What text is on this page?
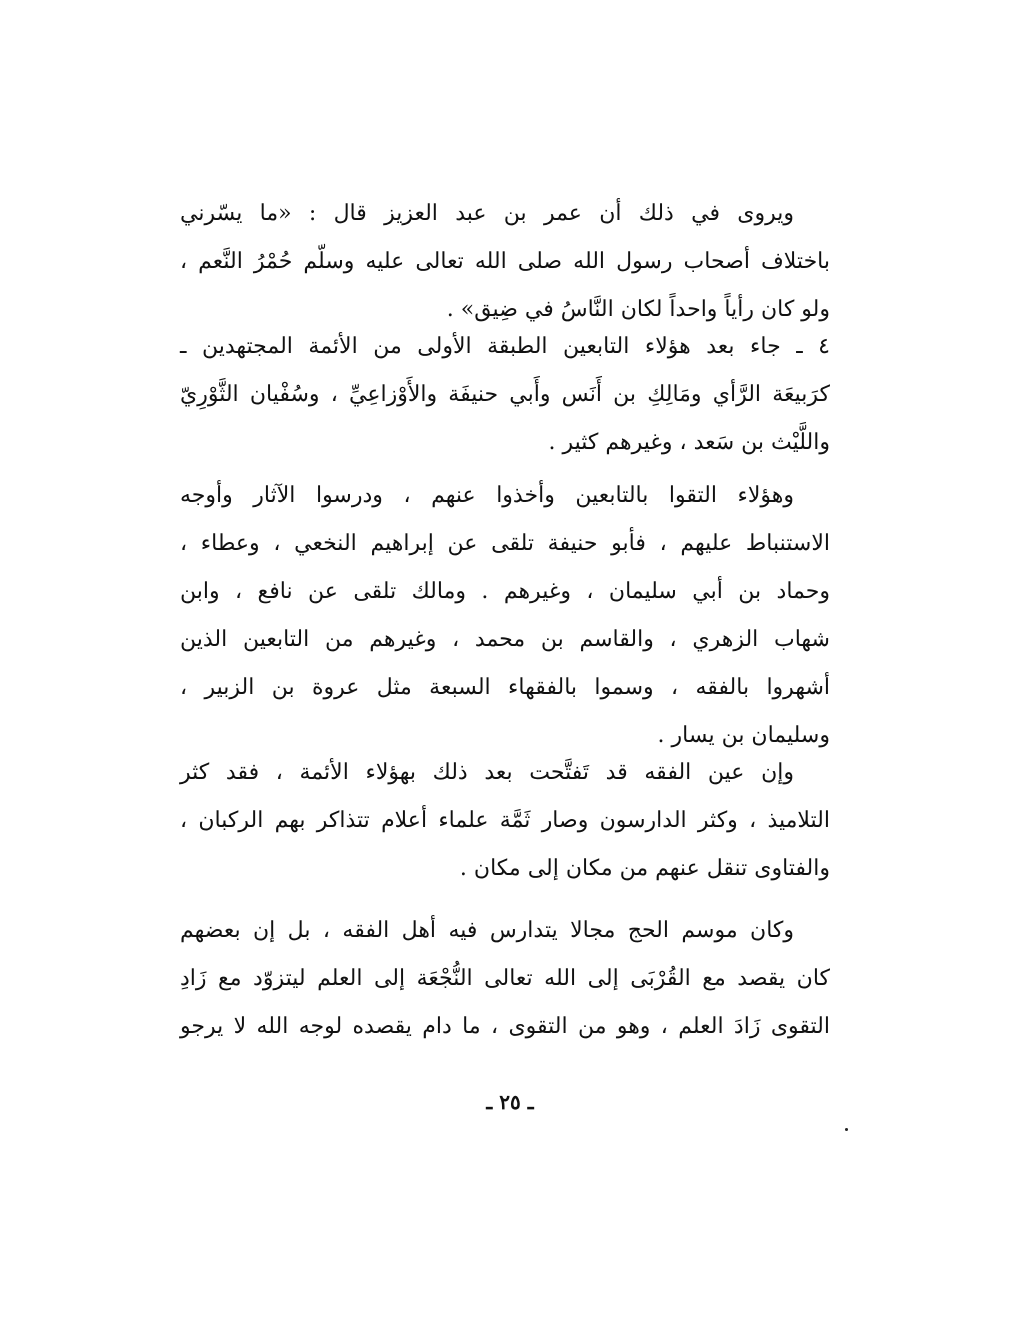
ويروى في ذلك أن عمر بن عبد العزيز قال : «ما يسّرني
باختلاف أصحاب رسول الله صلى الله تعالى عليه وسلّم حُمْرُ النَّعم ،
ولو كان رأياً واحداً لكان النَّاسُ في ضِيق» .
٤ ـ جاء بعد هؤلاء التابعين الطبقة الأولى من الأئمة المجتهدين ـ
كرَبيعَة الرَّأي ومَالِكِ بن أَنَس وأَبي حنيفَة والأَوْزاعِيِّ ، وسُفْيان الثَّوْرِيّ
واللَّيْث بن سَعد ، وغيرهم كثير .
وهؤلاء التقوا بالتابعين وأخذوا عنهم ، ودرسوا الآثار وأوجه
الاستنباط عليهم ، فأبو حنيفة تلقى عن إبراهيم النخعي ، وعطاء ،
وحماد بن أبي سليمان ، وغيرهم . ومالك تلقى عن نافع ، وابن
شهاب الزهري ، والقاسم بن محمد ، وغيرهم من التابعين الذين
أشهروا بالفقه ، وسموا بالفقهاء السبعة مثل عروة بن الزبير ،
وسليمان بن يسار .
وإن عين الفقه قد تَفتَّحت بعد ذلك بهؤلاء الأئمة ، فقد كثر
التلاميذ ، وكثر الدارسون وصار ثَمَّة علماء أعلام تتذاكر بهم الركبان ،
والفتاوى تنقل عنهم من مكان إلى مكان .
وكان موسم الحج مجالا يتدارس فيه أهل الفقه ، بل إن بعضهم
كان يقصد مع القُرْبَى إلى الله تعالى النُّجْعَة إلى العلم ليتزوّد مع زَادِ
التقوى زَادَ العلم ، وهو من التقوى ، ما دام يقصده لوجه الله لا يرجو
ـ ٢٥ ـ
